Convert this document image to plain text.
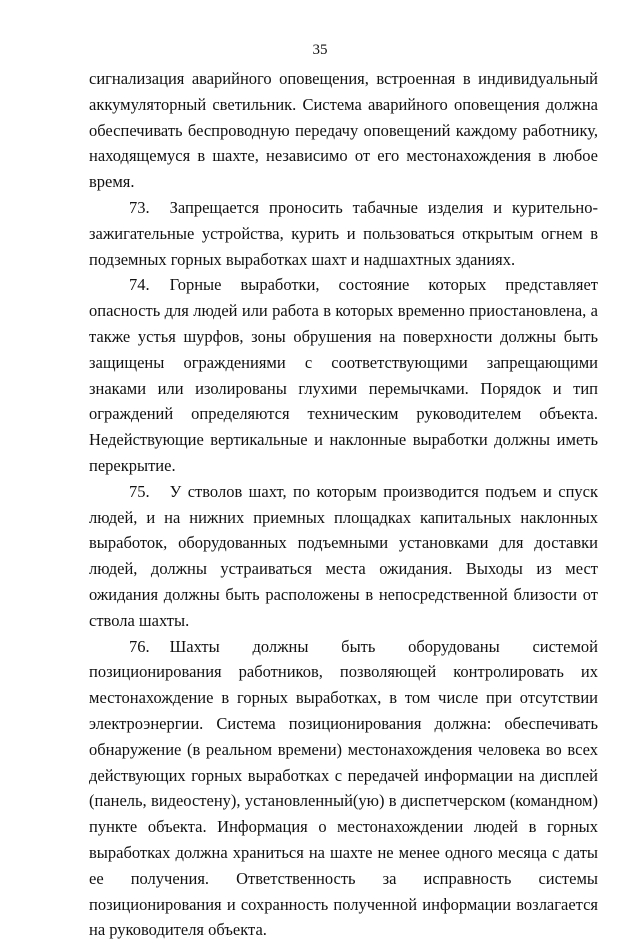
35

сигнализация аварийного оповещения, встроенная в индивидуальный аккумуляторный светильник. Система аварийного оповещения должна обеспечивать беспроводную передачу оповещений каждому работнику, находящемуся в шахте, независимо от его местонахождения в любое время.

73. Запрещается проносить табачные изделия и курительно-зажигательные устройства, курить и пользоваться открытым огнем в подземных горных выработках шахт и надшахтных зданиях.

74. Горные выработки, состояние которых представляет опасность для людей или работа в которых временно приостановлена, а также устья шурфов, зоны обрушения на поверхности должны быть защищены ограждениями с соответствующими запрещающими знаками или изолированы глухими перемычками. Порядок и тип ограждений определяются техническим руководителем объекта. Недействующие вертикальные и наклонные выработки должны иметь перекрытие.

75. У стволов шахт, по которым производится подъем и спуск людей, и на нижних приемных площадках капитальных наклонных выработок, оборудованных подъемными установками для доставки людей, должны устраиваться места ожидания. Выходы из мест ожидания должны быть расположены в непосредственной близости от ствола шахты.

76. Шахты должны быть оборудованы системой позиционирования работников, позволяющей контролировать их местонахождение в горных выработках, в том числе при отсутствии электроэнергии. Система позиционирования должна: обеспечивать обнаружение (в реальном времени) местонахождения человека во всех действующих горных выработках с передачей информации на дисплей (панель, видеостену), установленный(ую) в диспетчерском (командном) пункте объекта. Информация о местонахождении людей в горных выработках должна храниться на шахте не менее одного месяца с даты ее получения. Ответственность за исправность системы позиционирования и сохранность полученной информации возлагается на руководителя объекта.
